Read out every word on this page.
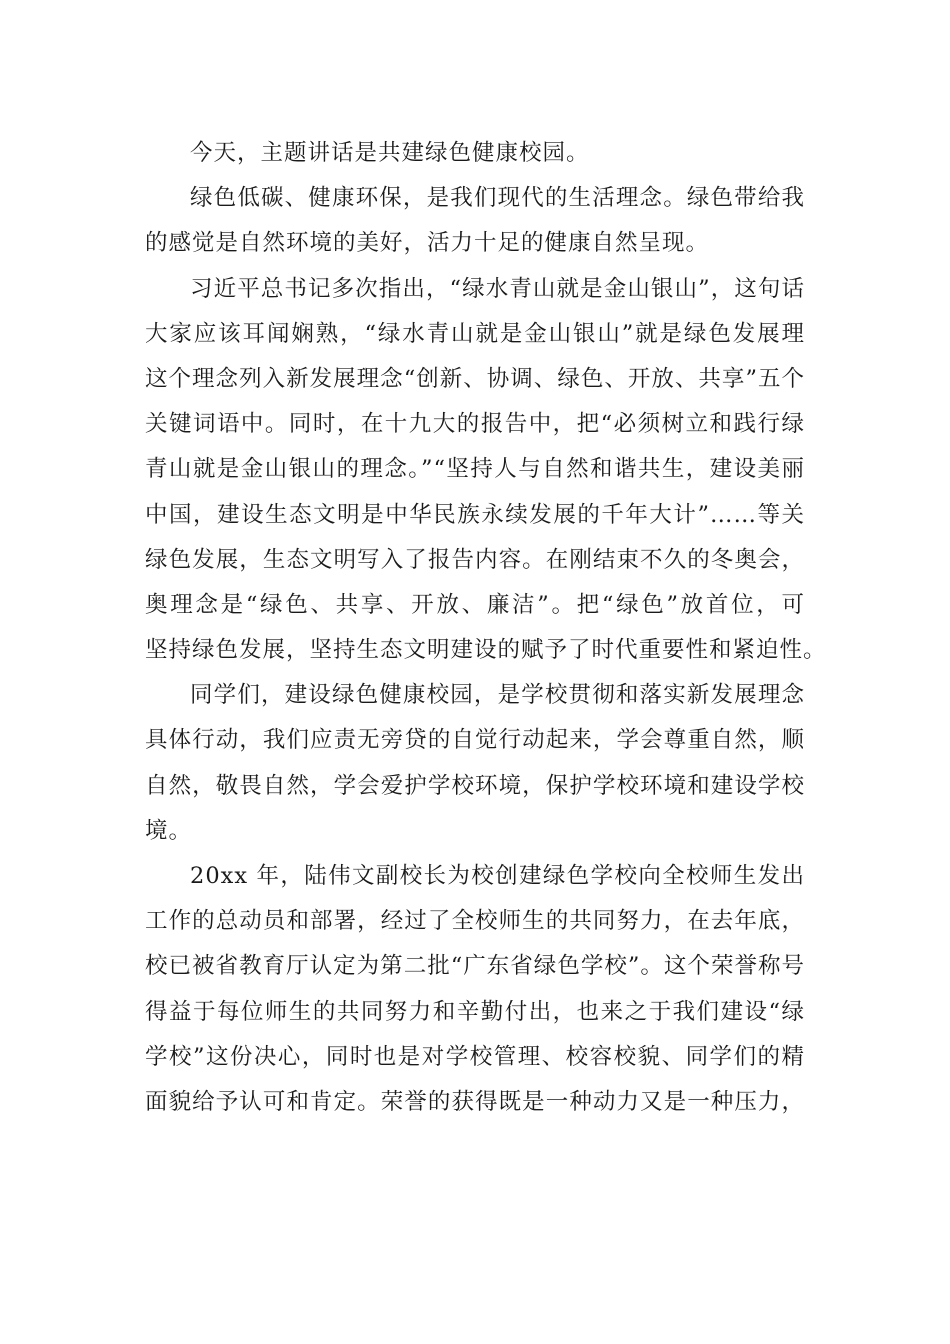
今天，主题讲话是共建绿色健康校园。
绿色低碳、健康环保，是我们现代的生活理念。绿色带给我
的感觉是自然环境的美好，活力十足的健康自然呈现。
习近平总书记多次指出，“绿水青山就是金山银山”，这句话
大家应该耳闻娴熟，“绿水青山就是金山银山”就是绿色发展理
这个理念列入新发展理念“创新、协调、绿色、开放、共享”五个
关键词语中。同时，在十九大的报告中，把“必须树立和践行绿
青山就是金山银山的理念。”“坚持人与自然和谐共生，建设美丽
中国，建设生态文明是中华民族永续发展的千年大计”……等关
绿色发展，生态文明写入了报告内容。在刚结束不久的冬奥会，
奥理念是“绿色、共享、开放、廉洁”。把“绿色”放首位，可
坚持绿色发展，坚持生态文明建设的赋予了时代重要性和紧迫性。
同学们，建设绿色健康校园，是学校贯彻和落实新发展理念
具体行动，我们应责无旁贷的自觉行动起来，学会尊重自然，顺
自然，敬畏自然，学会爱护学校环境，保护学校环境和建设学校
境。
20xx 年，陆伟文副校长为校创建绿色学校向全校师生发出
工作的总动员和部署，经过了全校师生的共同努力，在去年底，
校已被省教育厅认定为第二批“广东省绿色学校”。这个荣誉称号
得益于每位师生的共同努力和辛勤付出，也来之于我们建设“绿
学校”这份决心，同时也是对学校管理、校容校貌、同学们的精
面貌给予认可和肯定。荣誉的获得既是一种动力又是一种压力，
